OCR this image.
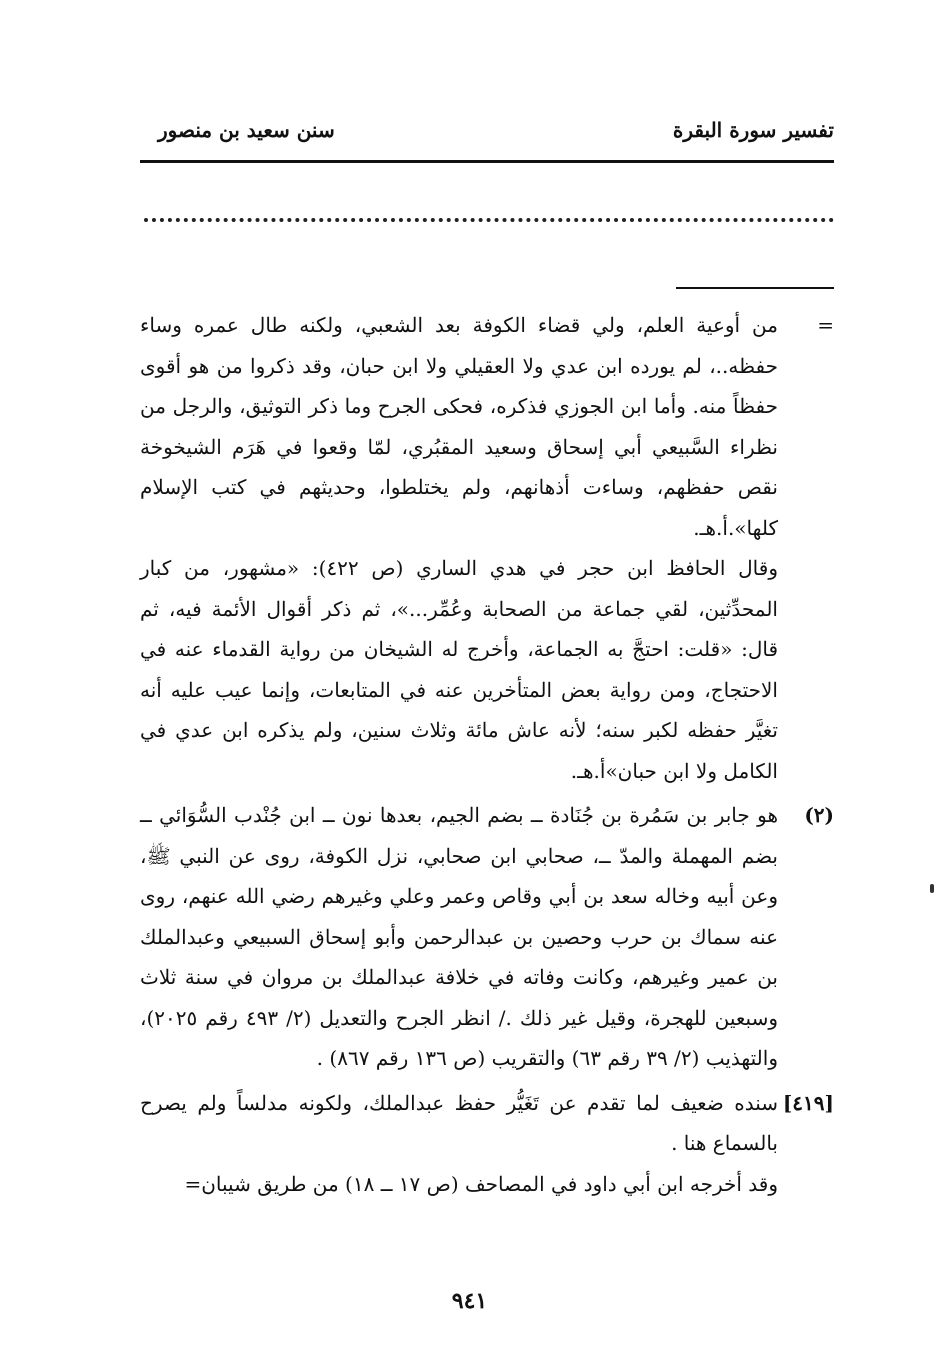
تفسير سورة البقرة
سنن سعيد بن منصور
=
من أوعية العلم، ولي قضاء الكوفة بعد الشعبي، ولكنه طال عمره وساء حفظه..، لم يورده ابن عدي ولا العقيلي ولا ابن حبان، وقد ذكروا من هو أقوى حفظاً منه. وأما ابن الجوزي فذكره، فحكى الجرح وما ذكر التوثيق، والرجل من نظراء السَّبيعي أبي إسحاق وسعيد المقبُري، لمّا وقعوا في هَرَم الشيخوخة نقص حفظهم، وساءت أذهانهم، ولم يختلطوا، وحديثهم في كتب الإسلام كلها».أ.هـ.
وقال الحافظ ابن حجر في هدي الساري (ص ٤٢٢): «مشهور، من كبار المحدِّثين، لقي جماعة من الصحابة وعُمِّر...»، ثم ذكر أقوال الأئمة فيه، ثم قال: «قلت: احتجَّ به الجماعة، وأخرج له الشيخان من رواية القدماء عنه في الاحتجاج، ومن رواية بعض المتأخرين عنه في المتابعات، وإنما عيب عليه أنه تغيَّر حفظه لكبر سنه؛ لأنه عاش مائة وثلاث سنين، ولم يذكره ابن عدي في الكامل ولا ابن حبان»أ.هـ.
(٢)
هو جابر بن سَمُرة بن جُنَادة ــ بضم الجيم، بعدها نون ــ ابن جُنْدب السُّوَائي ــ بضم المهملة والمدّ ــ، صحابي ابن صحابي، نزل الكوفة، روى عن النبي ﷺ، وعن أبيه وخاله سعد بن أبي وقاص وعمر وعلي وغيرهم رضي الله عنهم، روى عنه سماك بن حرب وحصين بن عبدالرحمن وأبو إسحاق السبيعي وعبدالملك بن عمير وغيرهم، وكانت وفاته في خلافة عبدالملك بن مروان في سنة ثلاث وسبعين للهجرة، وقيل غير ذلك ./ انظر الجرح والتعديل (٢/ ٤٩٣ رقم ٢٠٢٥)، والتهذيب (٢/ ٣٩ رقم ٦٣) والتقريب (ص ١٣٦ رقم ٨٦٧) .
[٤١٩]
سنده ضعيف لما تقدم عن تَغَيُّر حفظ عبدالملك، ولكونه مدلساً ولم يصرح بالسماع هنا .
وقد أخرجه ابن أبي داود في المصاحف (ص ١٧ ــ ١٨) من طريق شيبان=
٩٤١
